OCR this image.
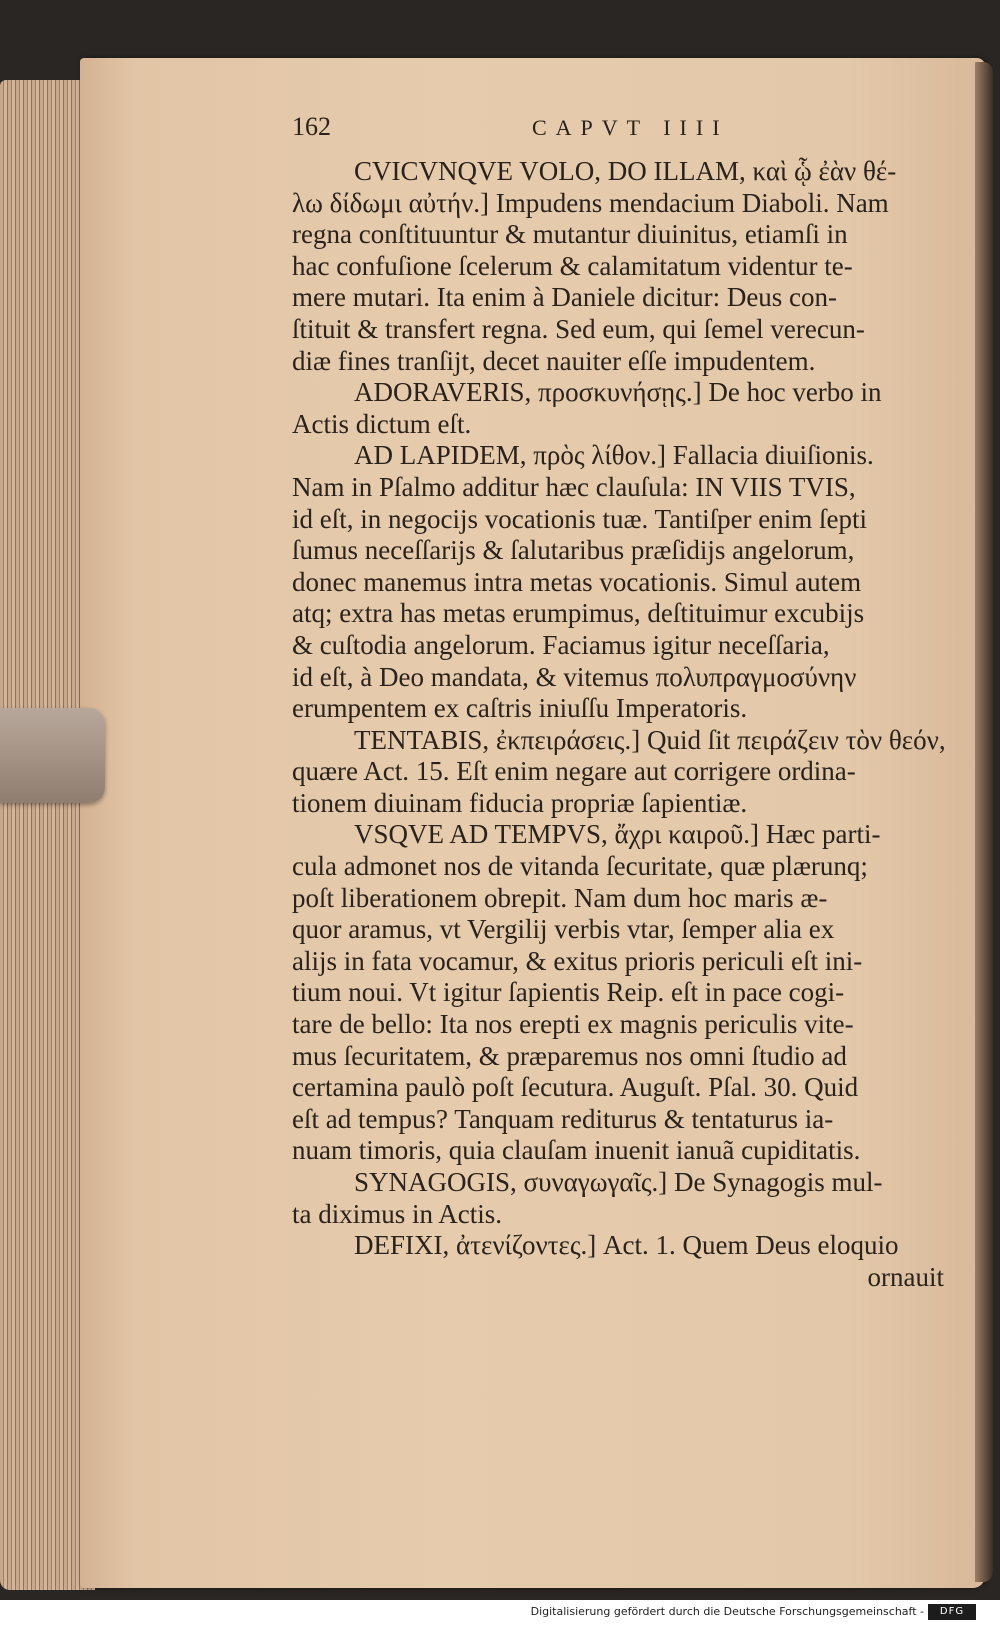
162	CAPVT IIII
CVICVNQVE VOLO, DO ILLAM, καὶ ᾧ ἐὰν θέ-
λω δίδωμι αὐτήν.] Impudens mendacium Diaboli. Nam
regna conſtituuntur & mutantur diuinitus, etiamſi in
hac confuſione ſcelerum & calamitatum videntur te-
mere mutari. Ita enim à Daniele dicitur: Deus con-
ſtituit & transfert regna. Sed eum, qui ſemel verecun-
diæ fines tranſijt, decet nauiter eſſe impudentem.
ADORAVERIS, προσκυνήσῃς.] De hoc verbo in
Actis dictum eſt.
AD LAPIDEM, πρὸς λίθον.] Fallacia diuiſionis.
Nam in Pſalmo additur hæc clauſula: IN VIIS TVIS,
id eſt, in negocijs vocationis tuæ. Tantiſper enim ſepti
ſumus neceſſarijs & ſalutaribus præſidijs angelorum,
donec manemus intra metas vocationis. Simul autem
atq; extra has metas erumpimus, deſtituimur excubijs
& cuſtodia angelorum. Faciamus igitur neceſſaria,
id eſt, à Deo mandata, & vitemus πολυπραγμοσύνην
erumpentem ex caſtris iniuſſu Imperatoris.
TENTABIS, ἐκπειράσεις.] Quid ſit πειράζειν τὸν θεόν,
quære Act. 15. Eſt enim negare aut corrigere ordina-
tionem diuinam fiducia propriæ ſapientiæ.
VSQVE AD TEMPVS, ἄχρι καιροῦ.] Hæc parti-
cula admonet nos de vitanda ſecuritate, quæ plærunq;
poſt liberationem obrepit. Nam dum hoc maris æ-
quor aramus, vt Vergilij verbis vtar, ſemper alia ex
alijs in fata vocamur, & exitus prioris periculi eſt ini-
tium noui. Vt igitur ſapientis Reip. eſt in pace cogi-
tare de bello: Ita nos erepti ex magnis periculis vite-
mus ſecuritatem, & præparemus nos omni ſtudio ad
certamina paulò poſt ſecutura. Auguſt. Pſal. 30. Quid
eſt ad tempus? Tanquam rediturus & tentaturus ia-
nuam timoris, quia clauſam inuenit ianuã cupiditatis.
SYNAGOGIS, συναγωγαῖς.] De Synagogis mul-
ta diximus in Actis.
DEFIXI, ἀτενίζοντες.] Act. 1. Quem Deus eloquio
ornauit
Digitalisierung gefördert durch die Deutsche Forschungsgemeinschaft -	DFG
